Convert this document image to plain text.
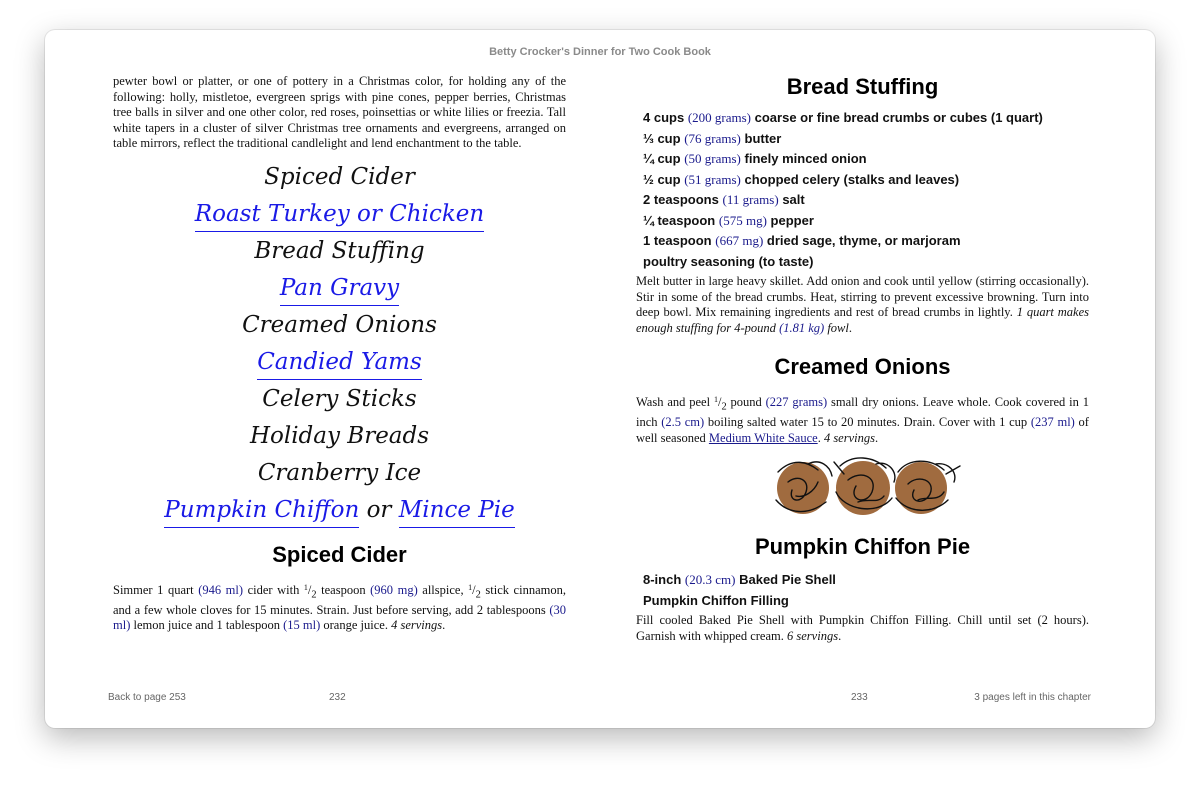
Betty Crocker's Dinner for Two Cook Book

pewter bowl or platter, or one of pottery in a Christmas color, for holding any of the following: holly, mistletoe, evergreen sprigs with pine cones, pepper berries, Christmas tree balls in silver and one other color, red roses, poinsettias or white lilies or freezia. Tall white tapers in a cluster of silver Christmas tree ornaments and evergreens, arranged on table mirrors, reflect the traditional candlelight and lend enchantment to the table.

Spiced Cider
Roast Turkey or Chicken
Bread Stuffing
Pan Gravy
Creamed Onions
Candied Yams
Celery Sticks
Holiday Breads
Cranberry Ice
Pumpkin Chiffon or Mince Pie
Spiced Cider

Simmer 1 quart (946 ml) cider with $^1/_2$ teaspoon (960 mg) allspice, $^1/_2$ stick cinnamon, and a few whole cloves for 15 minutes. Strain. Just before serving, add 2 tablespoons (30 ml) lemon juice and 1 tablespoon (15 ml) orange juice. 4 servings.

Bread Stuffing
4 cups (200 grams) coarse or fine bread crumbs or cubes (1 quart)
⅓ cup (76 grams) butter
¼ cup (50 grams) finely minced onion
½ cup (51 grams) chopped celery (stalks and leaves)
2 teaspoons (11 grams) salt
¼ teaspoon (575 mg) pepper
1 teaspoon (667 mg) dried sage, thyme, or marjoram
poultry seasoning (to taste)

Melt butter in large heavy skillet. Add onion and cook until yellow (stirring occasionally). Stir in some of the bread crumbs. Heat, stirring to prevent excessive browning. Turn into deep bowl. Mix remaining ingredients and rest of bread crumbs in lightly. 1 quart makes enough stuffing for 4-pound (1.81 kg) fowl.

Creamed Onions

Wash and peel $^1/_2$ pound (227 grams) small dry onions. Leave whole. Cook covered in 1 inch (2.5 cm) boiling salted water 15 to 20 minutes. Drain. Cover with 1 cup (237 ml) of well seasoned Medium White Sauce. 4 servings.

Pumpkin Chiffon Pie
8-inch (20.3 cm) Baked Pie Shell
Pumpkin Chiffon Filling

Fill cooled Baked Pie Shell with Pumpkin Chiffon Filling. Chill until set (2 hours). Garnish with whipped cream. 6 servings.

Back to page 253	232	233	3 pages left in this chapter
